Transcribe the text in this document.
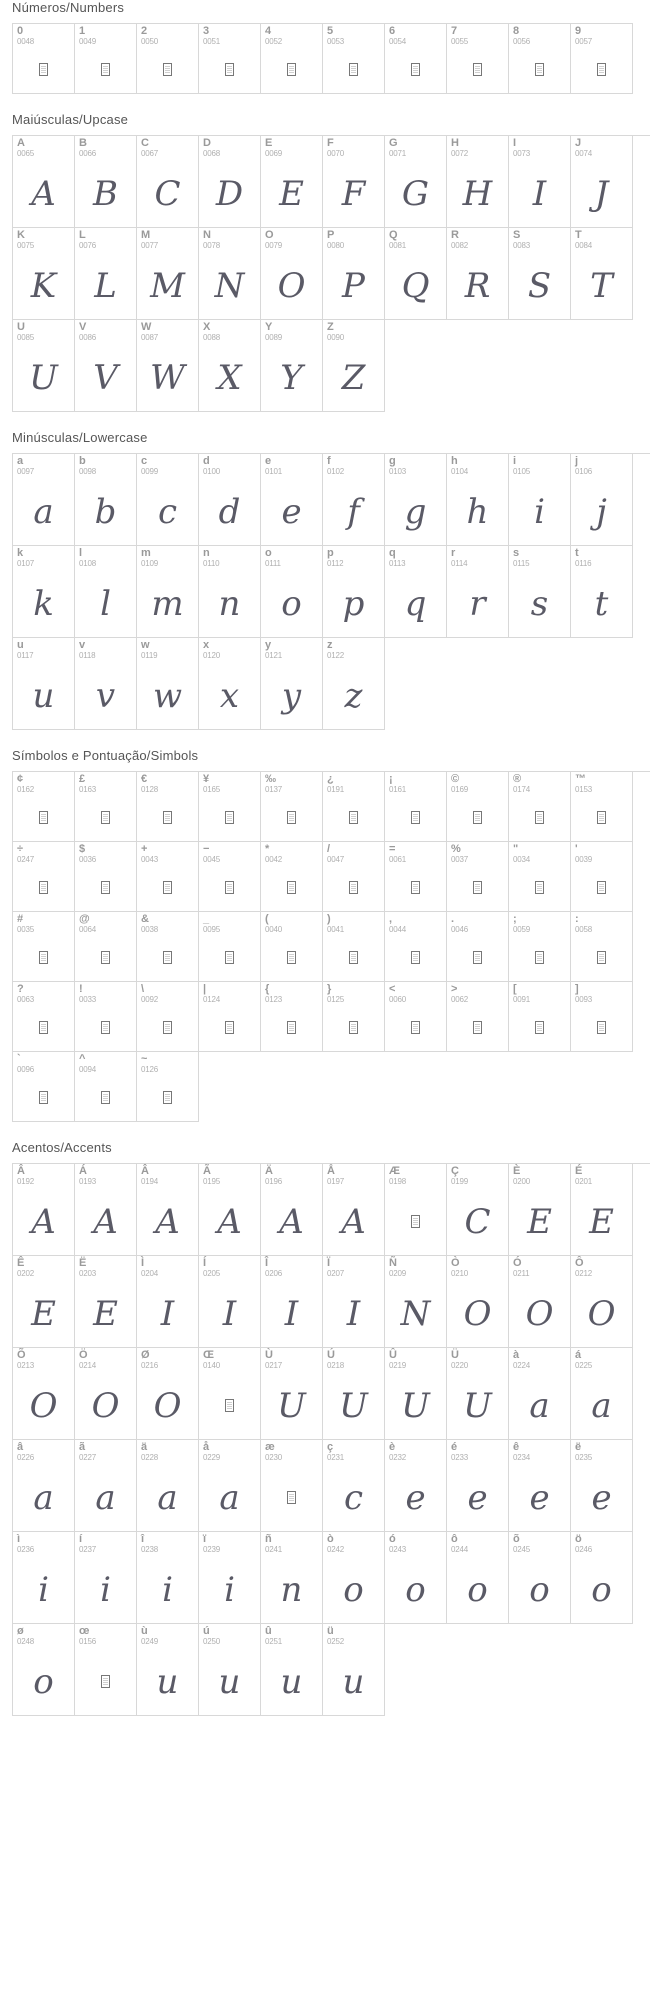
Números/Numbers
0
0048
1
0049
2
0050
3
0051
4
0052
5
0053
6
0054
7
0055
8
0056
9
0057
Maiúsculas/Upcase
A
0065
A
B
0066
B
C
0067
C
D
0068
D
E
0069
E
F
0070
F
G
0071
G
H
0072
H
I
0073
I
J
0074
J
K
0075
K
L
0076
L
M
0077
M
N
0078
N
O
0079
O
P
0080
P
Q
0081
Q
R
0082
R
S
0083
S
T
0084
T
U
0085
U
V
0086
V
W
0087
W
X
0088
X
Y
0089
Y
Z
0090
Z
Minúsculas/Lowercase
a
0097
a
b
0098
b
c
0099
c
d
0100
d
e
0101
e
f
0102
f
g
0103
g
h
0104
h
i
0105
i
j
0106
j
k
0107
k
l
0108
l
m
0109
m
n
0110
n
o
0111
o
p
0112
p
q
0113
q
r
0114
r
s
0115
s
t
0116
t
u
0117
u
v
0118
v
w
0119
w
x
0120
x
y
0121
y
z
0122
z
Símbolos e Pontuação/Simbols
¢
0162
£
0163
€
0128
¥
0165
‰
0137
¿
0191
¡
0161
©
0169
®
0174
™
0153
÷
0247
$
0036
+
0043
−
0045
*
0042
/
0047
=
0061
%
0037
"
0034
'
0039
#
0035
@
0064
&
0038
_
0095
(
0040
)
0041
,
0044
.
0046
;
0059
:
0058
?
0063
!
0033
\
0092
|
0124
{
0123
}
0125
<
0060
>
0062
[
0091
]
0093
`
0096
^
0094
~
0126
Acentos/Accents
Â
0192
A
Á
0193
A
Â
0194
A
Ã
0195
A
Ä
0196
A
Å
0197
A
Æ
0198
Ç
0199
C
È
0200
E
É
0201
E
Ê
0202
E
Ë
0203
E
Ì
0204
I
Í
0205
I
Î
0206
I
Ï
0207
I
Ñ
0209
N
Ò
0210
O
Ó
0211
O
Ô
0212
O
Õ
0213
O
Ö
0214
O
Ø
0216
O
Œ
0140
Ù
0217
U
Ú
0218
U
Û
0219
U
Ü
0220
U
à
0224
a
á
0225
a
â
0226
a
ã
0227
a
ä
0228
a
å
0229
a
æ
0230
ç
0231
c
è
0232
e
é
0233
e
ê
0234
e
ë
0235
e
ì
0236
i
í
0237
i
î
0238
i
ï
0239
i
ñ
0241
n
ò
0242
o
ó
0243
o
ô
0244
o
õ
0245
o
ö
0246
o
ø
0248
o
œ
0156
ù
0249
u
ú
0250
u
û
0251
u
ü
0252
u
